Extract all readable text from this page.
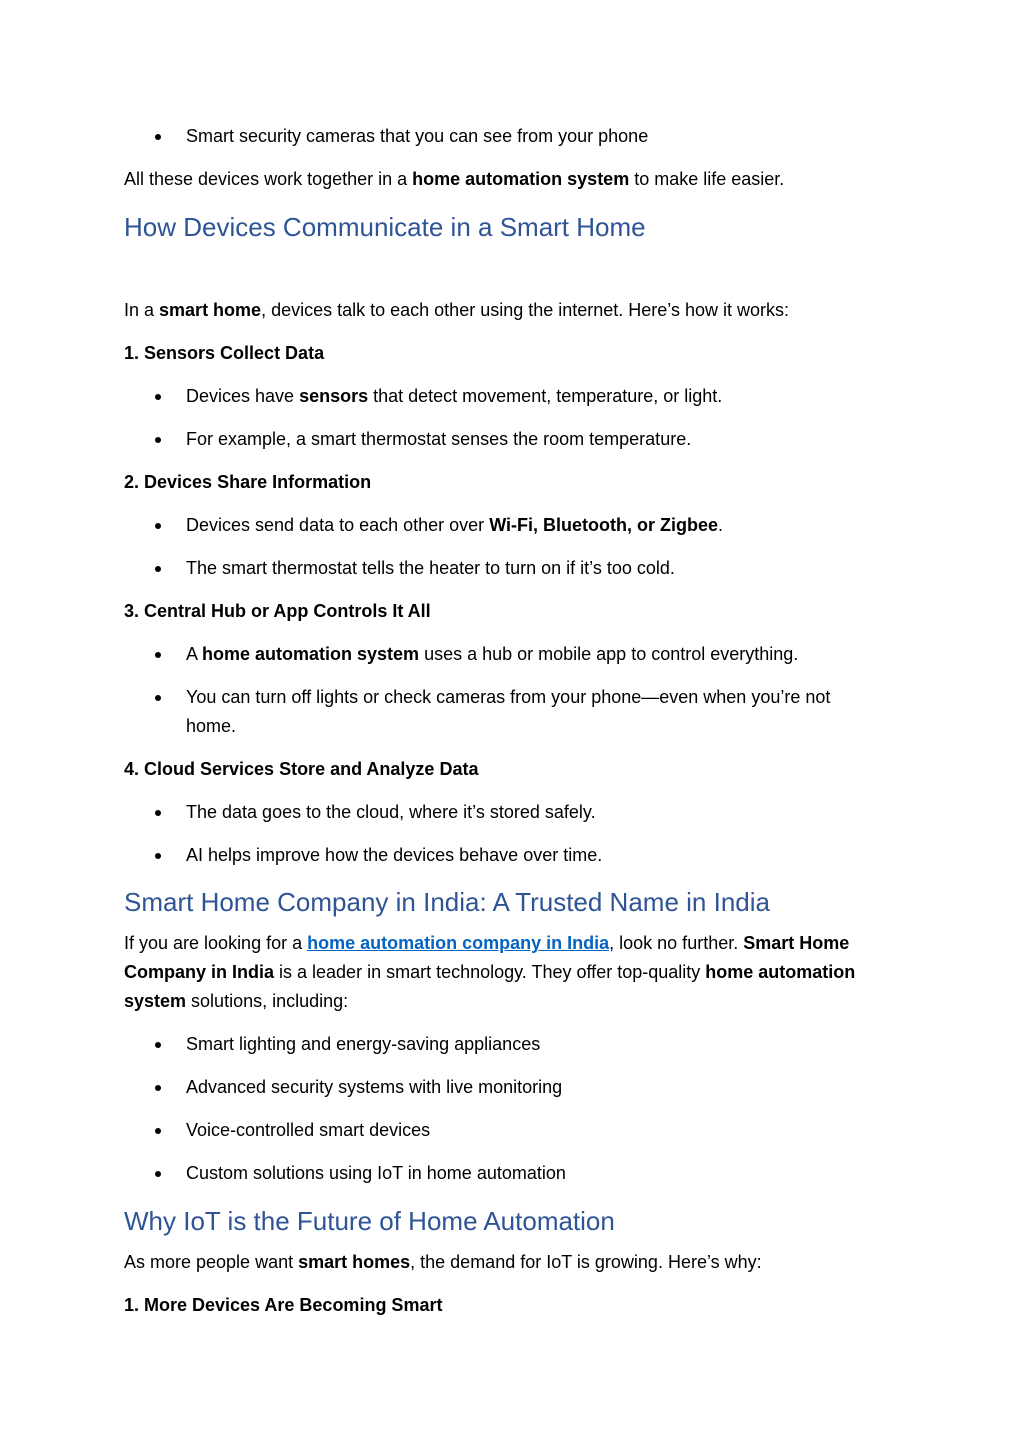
Smart security cameras that you can see from your phone

All these devices work together in a home automation system to make life easier.

How Devices Communicate in a Smart Home

In a smart home, devices talk to each other using the internet. Here’s how it works:

1. Sensors Collect Data

Devices have sensors that detect movement, temperature, or light.

For example, a smart thermostat senses the room temperature.

2. Devices Share Information

Devices send data to each other over Wi-Fi, Bluetooth, or Zigbee.

The smart thermostat tells the heater to turn on if it’s too cold.

3. Central Hub or App Controls It All

A home automation system uses a hub or mobile app to control everything.

You can turn off lights or check cameras from your phone—even when you’re not home.

4. Cloud Services Store and Analyze Data

The data goes to the cloud, where it’s stored safely.

AI helps improve how the devices behave over time.

Smart Home Company in India: A Trusted Name in India

If you are looking for a home automation company in India, look no further. Smart Home Company in India is a leader in smart technology. They offer top-quality home automation system solutions, including:

Smart lighting and energy-saving appliances

Advanced security systems with live monitoring

Voice-controlled smart devices

Custom solutions using IoT in home automation

Why IoT is the Future of Home Automation

As more people want smart homes, the demand for IoT is growing. Here’s why:

1. More Devices Are Becoming Smart
